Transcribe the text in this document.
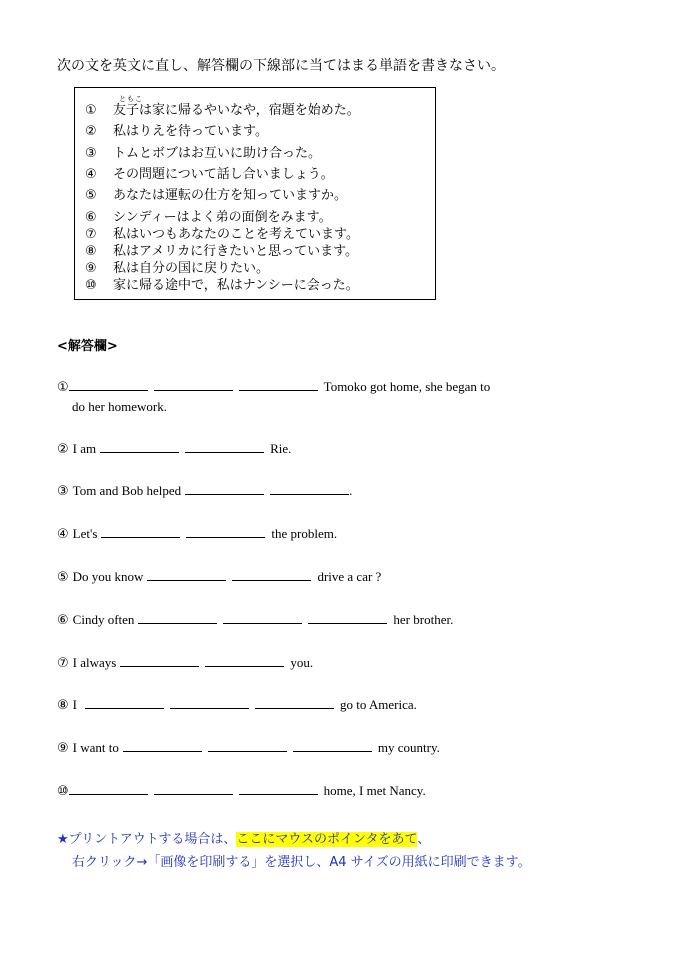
次の文を英文に直し、解答欄の下線部に当てはまる単語を書きなさい。
①
ともこ
友子は家に帰るやいなや，宿題を始めた。
② 私はりえを待っています。
③ トムとボブはお互いに助け合った。
④ その問題について話し合いましょう。
⑤ あなたは運転の仕方を知っていますか。
⑥ シンディーはよく弟の面倒をみます。
⑦ 私はいつもあなたのことを考えています。
⑧ 私はアメリカに行きたいと思っています。
⑨ 私は自分の国に戻りたい。
⑩ 家に帰る途中で，私はナンシーに会った。
<解答欄>
①	Tomoko got home, she began to
do her homework.
② I am	Rie.
③ Tom and Bob helped	.
④ Let's	the problem.
⑤ Do you know	drive a car ?
⑥ Cindy often	her brother.
⑦ I always	you.
⑧ I	go to America.
⑨ I want to	my country.
⑩	home, I met Nancy.
★プリントアウトする場合は、ここにマウスのポインタをあて、
右クリック→「画像を印刷する」を選択し、A4 サイズの用紙に印刷できます。
